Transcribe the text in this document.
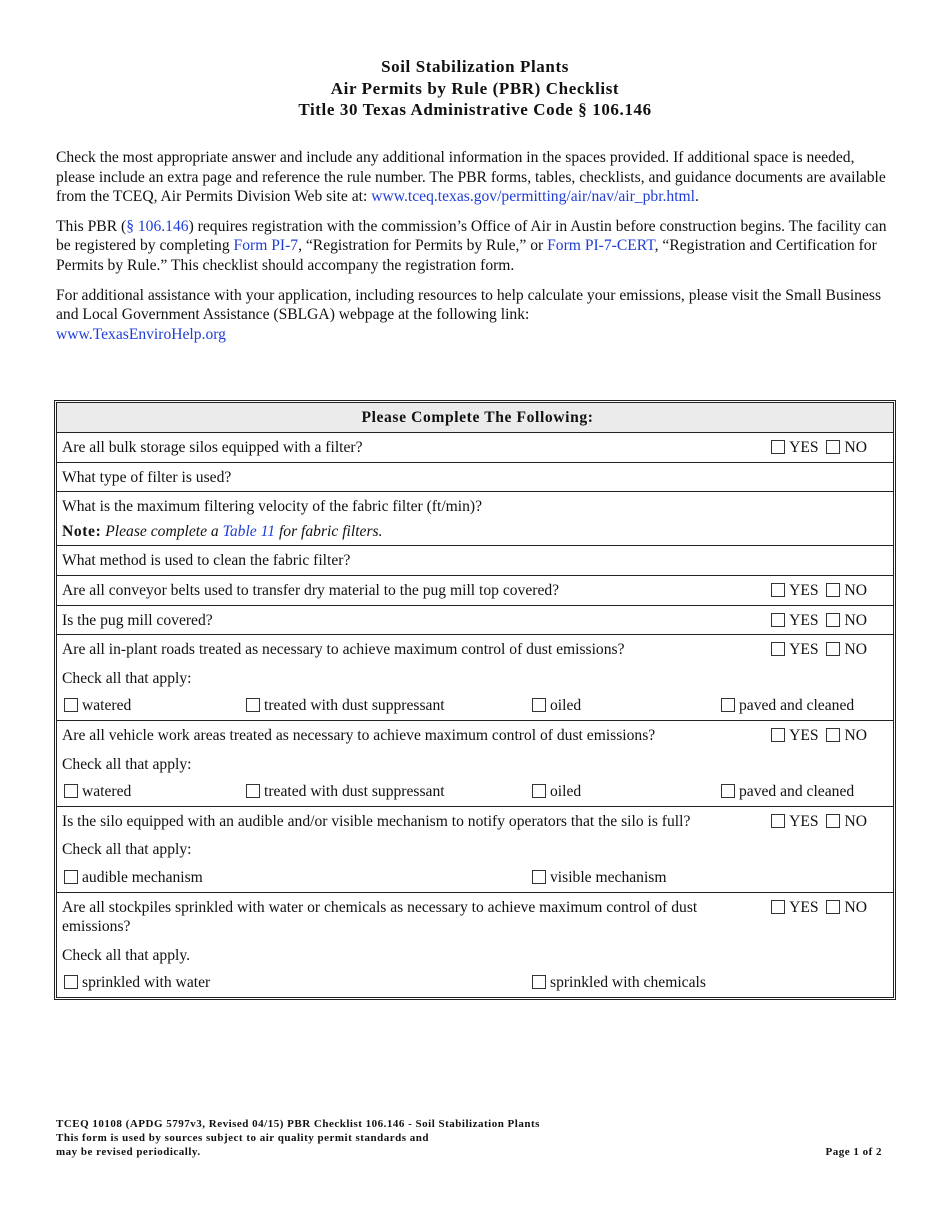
Soil Stabilization Plants
Air Permits by Rule (PBR) Checklist
Title 30 Texas Administrative Code § 106.146

Check the most appropriate answer and include any additional information in the spaces provided. If additional space is needed, please include an extra page and reference the rule number. The PBR forms, tables, checklists, and guidance documents are available from the TCEQ, Air Permits Division Web site at: www.tceq.texas.gov/permitting/air/nav/air_pbr.html.

This PBR (§ 106.146) requires registration with the commission’s Office of Air in Austin before construction begins. The facility can be registered by completing Form PI-7, “Registration for Permits by Rule,” or Form PI-7-CERT, “Registration and Certification for Permits by Rule.” This checklist should accompany the registration form.

For additional assistance with your application, including resources to help calculate your emissions, please visit the Small Business and Local Government Assistance (SBLGA) webpage at the following link:
www.TexasEnviroHelp.org

Please Complete The Following:
Are all bulk storage silos equipped with a filter?	YES NO
What type of filter is used?
What is the maximum filtering velocity of the fabric filter (ft/min)?
Note: Please complete a Table 11 for fabric filters.
What method is used to clean the fabric filter?
Are all conveyor belts used to transfer dry material to the pug mill top covered?	YES NO
Is the pug mill covered?	YES NO
Are all in-plant roads treated as necessary to achieve maximum control of dust emissions?	YES NO
Check all that apply:
watered	treated with dust suppressant	oiled	paved and cleaned
Are all vehicle work areas treated as necessary to achieve maximum control of dust emissions?	YES NO
Check all that apply:
watered	treated with dust suppressant	oiled	paved and cleaned
Is the silo equipped with an audible and/or visible mechanism to notify operators that the silo is full?	YES NO
Check all that apply:
audible mechanism	visible mechanism
Are all stockpiles sprinkled with water or chemicals as necessary to achieve maximum control of dust emissions?
YES NO
Check all that apply.
sprinkled with water	sprinkled with chemicals
TCEQ 10108 (APDG 5797v3, Revised 04/15) PBR Checklist 106.146 - Soil Stabilization Plants
This form is used by sources subject to air quality permit standards and
may be revised periodically.	Page 1 of 2
